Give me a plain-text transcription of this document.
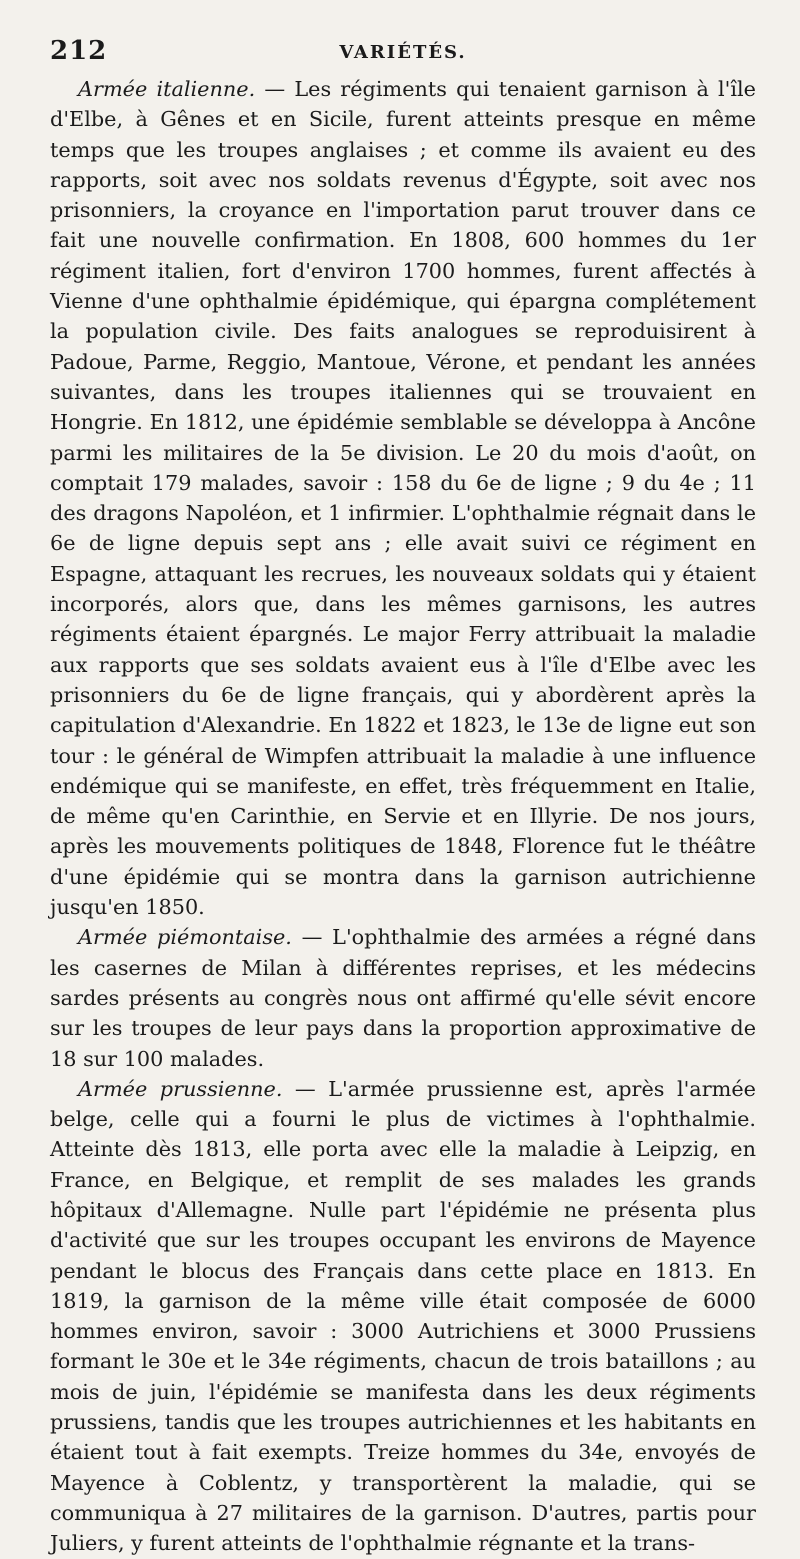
212	VARIÉTÉS.

Armée italienne. — Les régiments qui tenaient garnison à l'île d'Elbe, à Gênes et en Sicile, furent atteints presque en même temps que les troupes anglaises ; et comme ils avaient eu des rapports, soit avec nos soldats revenus d'Égypte, soit avec nos prisonniers, la croyance en l'importation parut trouver dans ce fait une nouvelle confirmation. En 1808, 600 hommes du 1er régiment italien, fort d'environ 1700 hommes, furent affectés à Vienne d'une ophthalmie épidémique, qui épargna complétement la population civile. Des faits analogues se reproduisirent à Padoue, Parme, Reggio, Mantoue, Vérone, et pendant les années suivantes, dans les troupes italiennes qui se trouvaient en Hongrie. En 1812, une épidémie semblable se développa à Ancône parmi les militaires de la 5e division. Le 20 du mois d'août, on comptait 179 malades, savoir : 158 du 6e de ligne ; 9 du 4e ; 11 des dragons Napoléon, et 1 infirmier. L'ophthalmie régnait dans le 6e de ligne depuis sept ans ; elle avait suivi ce régiment en Espagne, attaquant les recrues, les nouveaux soldats qui y étaient incorporés, alors que, dans les mêmes garnisons, les autres régiments étaient épargnés. Le major Ferry attribuait la maladie aux rapports que ses soldats avaient eus à l'île d'Elbe avec les prisonniers du 6e de ligne français, qui y abordèrent après la capitulation d'Alexandrie. En 1822 et 1823, le 13e de ligne eut son tour : le général de Wimpfen attribuait la maladie à une influence endémique qui se manifeste, en effet, très fréquemment en Italie, de même qu'en Carinthie, en Servie et en Illyrie. De nos jours, après les mouvements politiques de 1848, Florence fut le théâtre d'une épidémie qui se montra dans la garnison autrichienne jusqu'en 1850.

Armée piémontaise. — L'ophthalmie des armées a régné dans les casernes de Milan à différentes reprises, et les médecins sardes présents au congrès nous ont affirmé qu'elle sévit encore sur les troupes de leur pays dans la proportion approximative de 18 sur 100 malades.

Armée prussienne. — L'armée prussienne est, après l'armée belge, celle qui a fourni le plus de victimes à l'ophthalmie. Atteinte dès 1813, elle porta avec elle la maladie à Leipzig, en France, en Belgique, et remplit de ses malades les grands hôpitaux d'Allemagne. Nulle part l'épidémie ne présenta plus d'activité que sur les troupes occupant les environs de Mayence pendant le blocus des Français dans cette place en 1813. En 1819, la garnison de la même ville était composée de 6000 hommes environ, savoir : 3000 Autrichiens et 3000 Prussiens formant le 30e et le 34e régiments, chacun de trois bataillons ; au mois de juin, l'épidémie se manifesta dans les deux régiments prussiens, tandis que les troupes autrichiennes et les habitants en étaient tout à fait exempts. Treize hommes du 34e, envoyés de Mayence à Coblentz, y transportèrent la maladie, qui se communiqua à 27 militaires de la garnison. D'autres, partis pour Juliers, y furent atteints de l'ophthalmie régnante et la trans-
